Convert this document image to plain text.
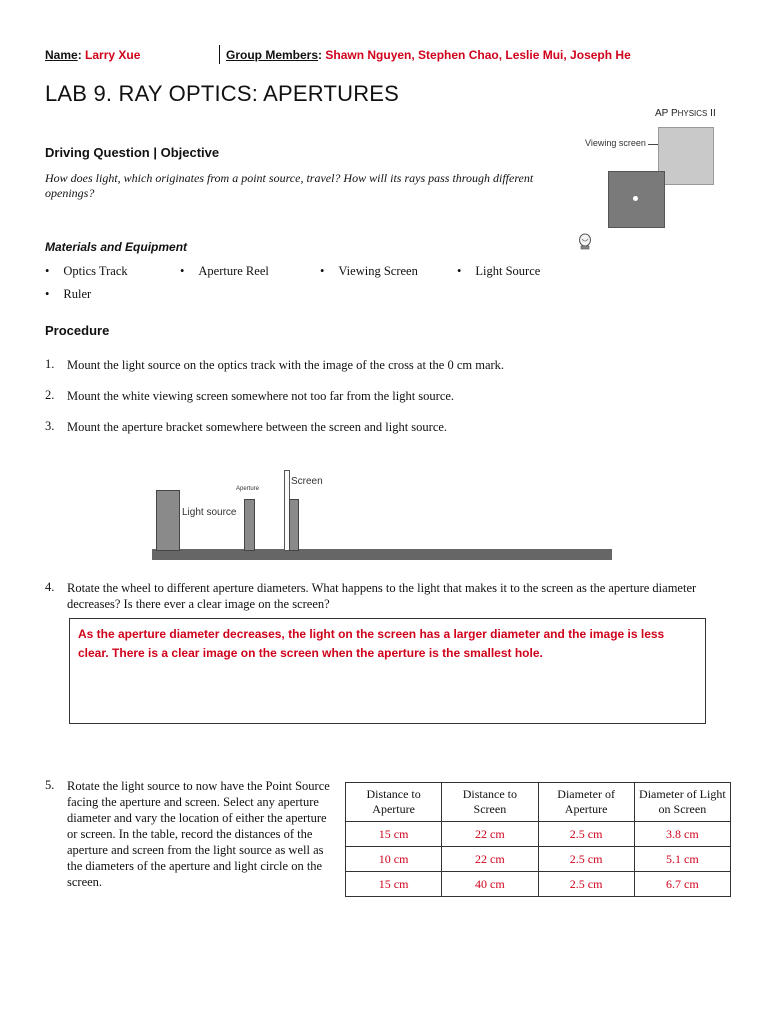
Name: Larry Xue	Group Members: Shawn Nguyen, Stephen Chao, Leslie Mui, Joseph He
LAB 9. RAY OPTICS: APERTURES
AP PHYSICS II
Viewing screen
Driving Question | Objective
How does light, which originates from a point source, travel? How will its rays pass through different openings?
Materials and Equipment
• Optics Track	• Aperture Reel	• Viewing Screen	• Light Source
• Ruler
Procedure
1. Mount the light source on the optics track with the image of the cross at the 0 cm mark.
2. Mount the white viewing screen somewhere not too far from the light source.
3. Mount the aperture bracket somewhere between the screen and light source.
Light source
Aperture
Screen
4. Rotate the wheel to different aperture diameters. What happens to the light that makes it to the screen as the aperture diameter decreases? Is there ever a clear image on the screen?
As the aperture diameter decreases, the light on the screen has a larger diameter and the image is less clear. There is a clear image on the screen when the aperture is the smallest hole.
5. Rotate the light source to now have the Point Source facing the aperture and screen. Select any aperture diameter and vary the location of either the aperture or screen. In the table, record the distances of the aperture and screen from the light source as well as the diameters of the aperture and light circle on the screen.
Distance to Aperture	Distance to Screen	Diameter of Aperture	Diameter of Light on Screen
15 cm	22 cm	2.5 cm	3.8 cm
10 cm	22 cm	2.5 cm	5.1 cm
15 cm	40 cm	2.5 cm	6.7 cm
